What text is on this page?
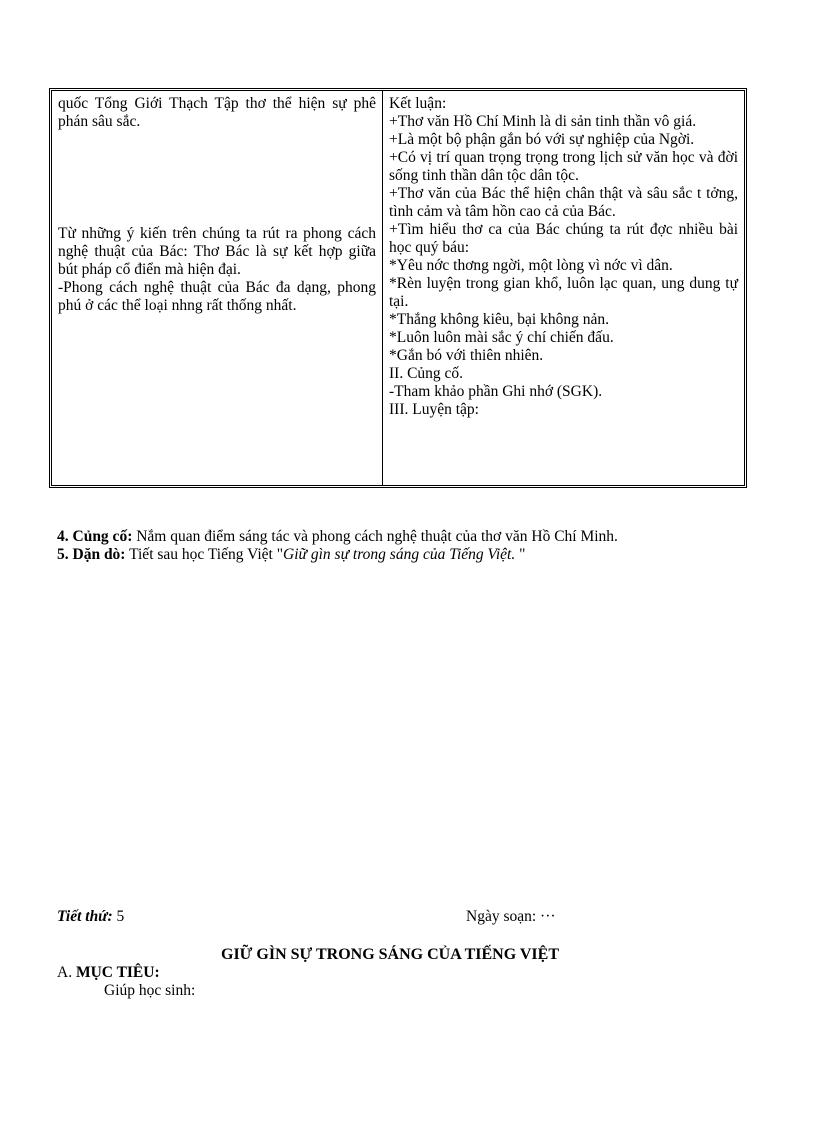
quốc Tổng Giới Thạch Tập thơ thể hiện sự phê phán sâu sắc.

Từ những ý kiến trên chúng ta rút ra phong cách nghệ thuật của Bác: Thơ Bác là sự kết hợp giữa bút pháp cổ điển mà hiện đại.

-Phong cách nghệ thuật của Bác đa dạng, phong phú ở các thể loại nhng rất thống nhất.

Kết luận:

+Thơ văn Hồ Chí Minh là di sản tinh thần vô giá.

+Là một bộ phận gắn bó với sự nghiệp của Ngời.

+Có vị trí quan trọng trọng trong lịch sử văn học và đời sống tinh thần dân tộc dân tộc.

+Thơ văn của Bác thể hiện chân thật và sâu sắc t tởng, tình cảm và tâm hồn cao cả của Bác.

+Tìm hiểu thơ ca của Bác chúng ta rút đợc nhiều bài học quý báu:

*Yêu nớc thơng ngời, một lòng vì nớc vì dân.

*Rèn luyện trong gian khổ, luôn lạc quan, ung dung tự tại.

*Thắng không kiêu, bại không nản.

*Luôn luôn mài sắc ý chí chiến đấu.

*Gắn bó với thiên nhiên.

II. Củng cố.

-Tham khảo phần Ghi nhớ (SGK).

III. Luyện tập:

4. Củng cố: Nắm quan điểm sáng tác và phong cách nghệ thuật của thơ văn Hồ Chí Minh.
5. Dặn dò: Tiết sau học Tiếng Việt "Giữ gìn sự trong sáng của Tiếng Việt. "
Tiết thứ: 5	Ngày soạn: ···
GIỮ GÌN SỰ TRONG SÁNG CỦA TIẾNG VIỆT
A. MỤC TIÊU:
Giúp học sinh:
